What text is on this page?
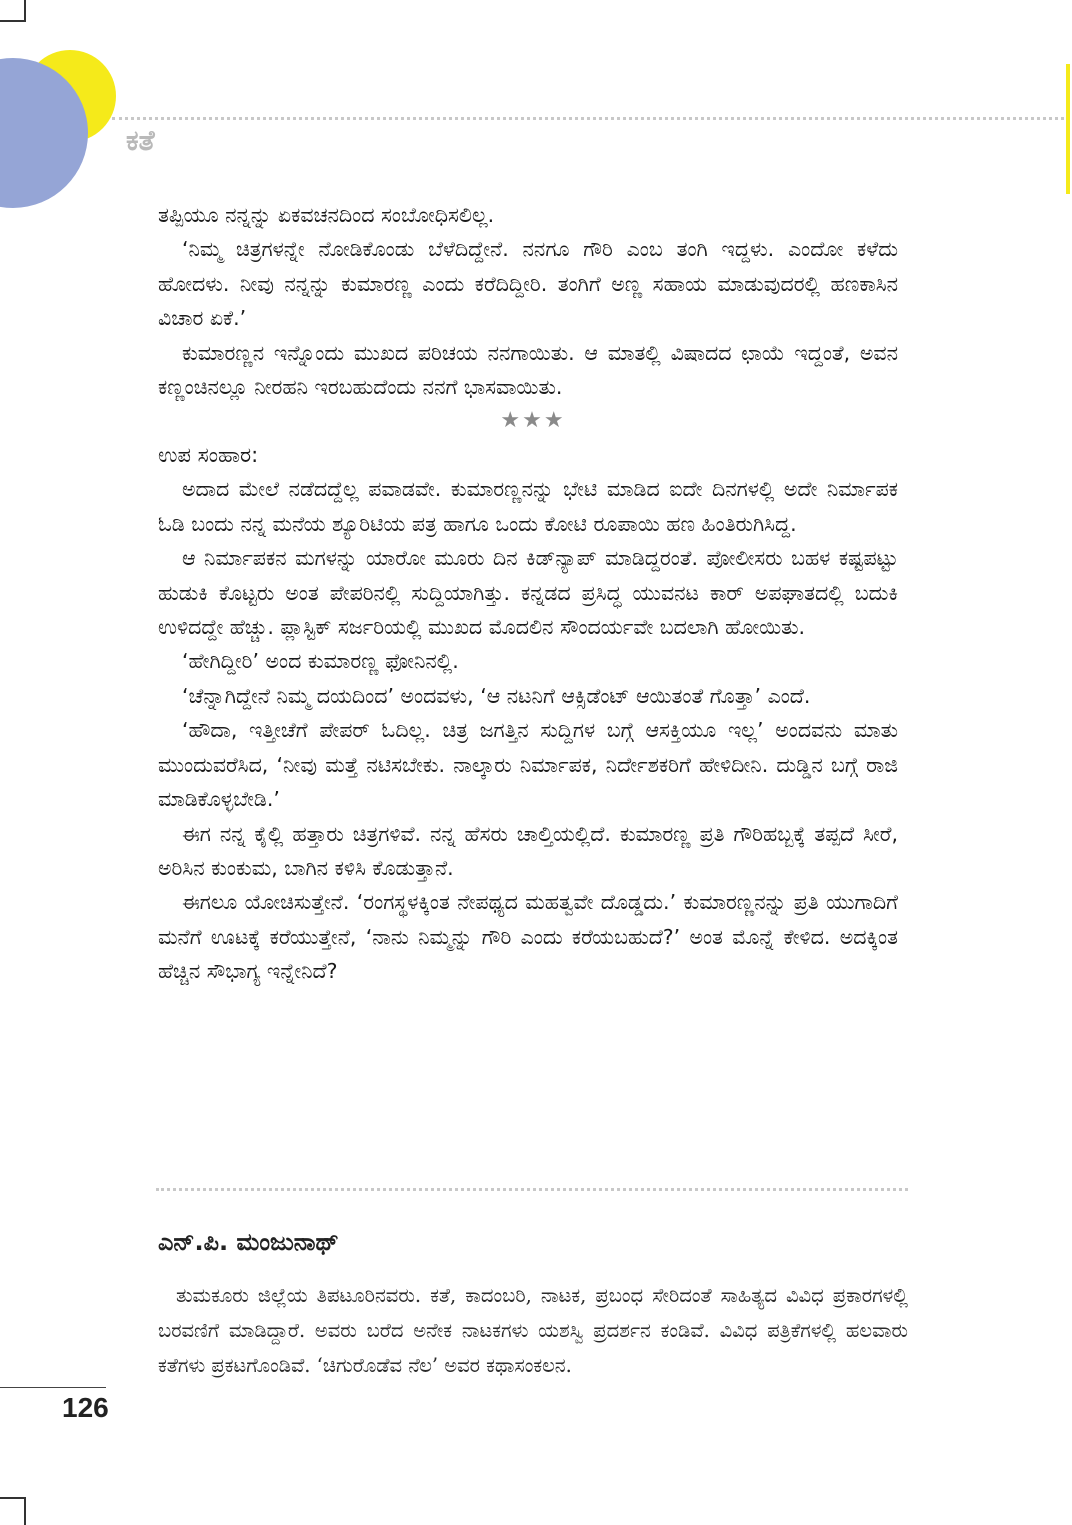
ಕತೆ

ತಪ್ಪಿಯೂ ನನ್ನನ್ನು ಏಕವಚನದಿಂದ ಸಂಬೋಧಿಸಲಿಲ್ಲ.

‘ನಿಮ್ಮ ಚಿತ್ರಗಳನ್ನೇ ನೋಡಿಕೊಂಡು ಬೆಳೆದಿದ್ದೇನೆ. ನನಗೂ ಗೌರಿ ಎಂಬ ತಂಗಿ ಇದ್ದಳು. ಎಂದೋ ಕಳೆದು ಹೋದಳು. ನೀವು ನನ್ನನ್ನು ಕುಮಾರಣ್ಣ ಎಂದು ಕರೆದಿದ್ದೀರಿ. ತಂಗಿಗೆ ಅಣ್ಣ ಸಹಾಯ ಮಾಡುವುದರಲ್ಲಿ ಹಣಕಾಸಿನ ವಿಚಾರ ಏಕೆ.’

ಕುಮಾರಣ್ಣನ ಇನ್ನೊಂದು ಮುಖದ ಪರಿಚಯ ನನಗಾಯಿತು. ಆ ಮಾತಲ್ಲಿ ವಿಷಾದದ ಛಾಯೆ ಇದ್ದಂತೆ, ಅವನ ಕಣ್ಣಂಚಿನಲ್ಲೂ ನೀರಹನಿ ಇರಬಹುದೆಂದು ನನಗೆ ಭಾಸವಾಯಿತು.

★★★

ಉಪ ಸಂಹಾರ:

ಅದಾದ ಮೇಲೆ ನಡೆದದ್ದೆಲ್ಲ ಪವಾಡವೇ. ಕುಮಾರಣ್ಣನನ್ನು ಭೇಟಿ ಮಾಡಿದ ಐದೇ ದಿನಗಳಲ್ಲಿ ಅದೇ ನಿರ್ಮಾಪಕ ಓಡಿ ಬಂದು ನನ್ನ ಮನೆಯ ಶ್ಯೂರಿಟಿಯ ಪತ್ರ ಹಾಗೂ ಒಂದು ಕೋಟಿ ರೂಪಾಯಿ ಹಣ ಹಿಂತಿರುಗಿಸಿದ್ದ.

ಆ ನಿರ್ಮಾಪಕನ ಮಗಳನ್ನು ಯಾರೋ ಮೂರು ದಿನ ಕಿಡ್‌ನ್ಯಾಪ್ ಮಾಡಿದ್ದರಂತೆ. ಪೋಲೀಸರು ಬಹಳ ಕಷ್ಟಪಟ್ಟು ಹುಡುಕಿ ಕೊಟ್ಟರು ಅಂತ ಪೇಪರಿನಲ್ಲಿ ಸುದ್ದಿಯಾಗಿತ್ತು. ಕನ್ನಡದ ಪ್ರಸಿದ್ಧ ಯುವನಟ ಕಾರ್ ಅಪಘಾತದಲ್ಲಿ ಬದುಕಿ ಉಳಿದದ್ದೇ ಹೆಚ್ಚು. ಪ್ಲಾಸ್ಟಿಕ್ ಸರ್ಜರಿಯಲ್ಲಿ ಮುಖದ ಮೊದಲಿನ ಸೌಂದರ್ಯವೇ ಬದಲಾಗಿ ಹೋಯಿತು.

‘ಹೇಗಿದ್ದೀರಿ’ ಅಂದ ಕುಮಾರಣ್ಣ ಫೋನಿನಲ್ಲಿ.

‘ಚೆನ್ನಾಗಿದ್ದೇನೆ ನಿಮ್ಮ ದಯದಿಂದ’ ಅಂದವಳು, ‘ಆ ನಟನಿಗೆ ಆಕ್ಸಿಡೆಂಟ್ ಆಯಿತಂತೆ ಗೊತ್ತಾ’ ಎಂದೆ.

‘ಹೌದಾ, ಇತ್ತೀಚೆಗೆ ಪೇಪರ್ ಓದಿಲ್ಲ. ಚಿತ್ರ ಜಗತ್ತಿನ ಸುದ್ದಿಗಳ ಬಗ್ಗೆ ಆಸಕ್ತಿಯೂ ಇಲ್ಲ’ ಅಂದವನು ಮಾತು ಮುಂದುವರೆಸಿದ, ‘ನೀವು ಮತ್ತೆ ನಟಿಸಬೇಕು. ನಾಲ್ಕಾರು ನಿರ್ಮಾಪಕ, ನಿರ್ದೇಶಕರಿಗೆ ಹೇಳಿದೀನಿ. ದುಡ್ಡಿನ ಬಗ್ಗೆ ರಾಜಿ ಮಾಡಿಕೊಳ್ಳಬೇಡಿ.’

ಈಗ ನನ್ನ ಕೈಲ್ಲಿ ಹತ್ತಾರು ಚಿತ್ರಗಳಿವೆ. ನನ್ನ ಹೆಸರು ಚಾಲ್ತಿಯಲ್ಲಿದೆ. ಕುಮಾರಣ್ಣ ಪ್ರತಿ ಗೌರಿಹಬ್ಬಕ್ಕೆ ತಪ್ಪದೆ ಸೀರೆ, ಅರಿಸಿನ ಕುಂಕುಮ, ಬಾಗಿನ ಕಳಿಸಿ ಕೊಡುತ್ತಾನೆ.

ಈಗಲೂ ಯೋಚಿಸುತ್ತೇನೆ. ‘ರಂಗಸ್ಥಳಕ್ಕಿಂತ ನೇಪಥ್ಯದ ಮಹತ್ವವೇ ದೊಡ್ಡದು.’ ಕುಮಾರಣ್ಣನನ್ನು ಪ್ರತಿ ಯುಗಾದಿಗೆ ಮನೆಗೆ ಊಟಕ್ಕೆ ಕರೆಯುತ್ತೇನೆ, ‘ನಾನು ನಿಮ್ಮನ್ನು ಗೌರಿ ಎಂದು ಕರೆಯಬಹುದೆ?’ ಅಂತ ಮೊನ್ನೆ ಕೇಳಿದ. ಅದಕ್ಕಿಂತ ಹೆಚ್ಚಿನ ಸೌಭಾಗ್ಯ ಇನ್ನೇನಿದೆ?

ಎನ್.ಪಿ. ಮಂಜುನಾಥ್

ತುಮಕೂರು ಜಿಲ್ಲೆಯ ತಿಪಟೂರಿನವರು. ಕತೆ, ಕಾದಂಬರಿ, ನಾಟಕ, ಪ್ರಬಂಧ ಸೇರಿದಂತೆ ಸಾಹಿತ್ಯದ ವಿವಿಧ ಪ್ರಕಾರಗಳಲ್ಲಿ ಬರವಣಿಗೆ ಮಾಡಿದ್ದಾರೆ. ಅವರು ಬರೆದ ಅನೇಕ ನಾಟಕಗಳು ಯಶಸ್ವಿ ಪ್ರದರ್ಶನ ಕಂಡಿವೆ. ವಿವಿಧ ಪತ್ರಿಕೆಗಳಲ್ಲಿ ಹಲವಾರು ಕತೆಗಳು ಪ್ರಕಟಗೊಂಡಿವೆ. ‘ಚಿಗುರೊಡೆವ ನೆಲ’ ಅವರ ಕಥಾಸಂಕಲನ.

126
